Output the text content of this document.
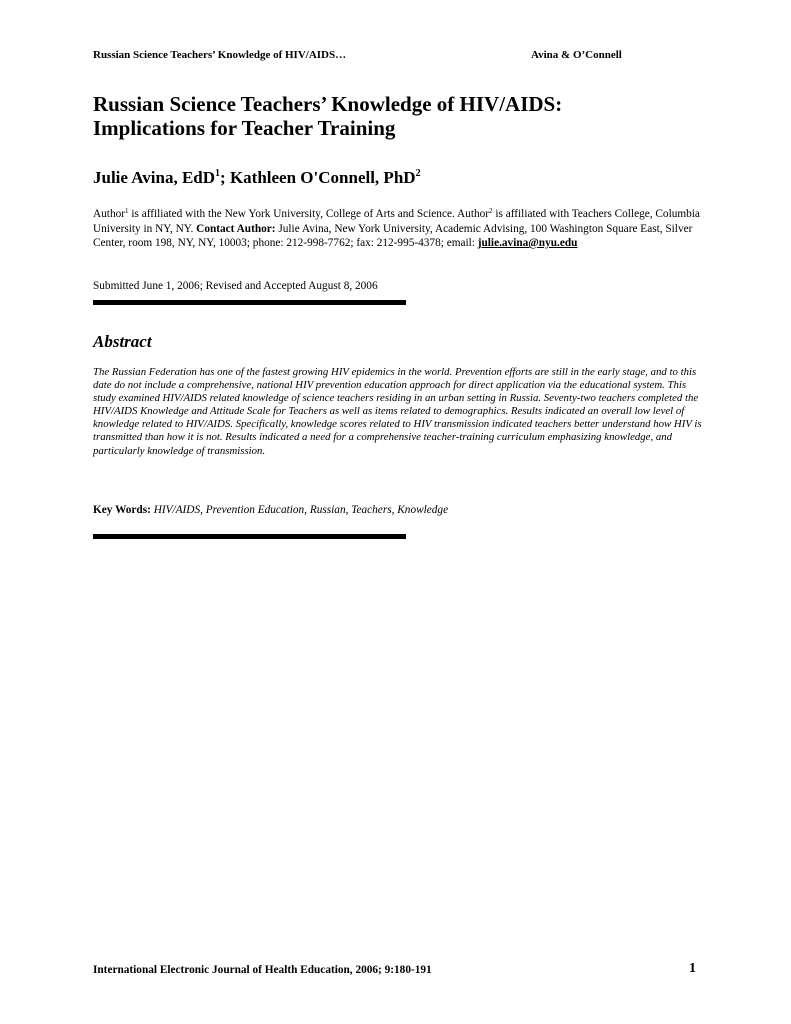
Russian Science Teachers’ Knowledge of HIV/AIDS…	Avina & O’Connell
Russian Science Teachers’ Knowledge of HIV/AIDS:
Implications for Teacher Training
Julie Avina, EdD$^1$; Kathleen O'Connell, PhD$^2$
Author$^1$ is affiliated with the New York University, College of Arts and Science. Author$^2$ is affiliated with Teachers College, Columbia University in NY, NY. Contact Author: Julie Avina, New York University, Academic Advising, 100 Washington Square East, Silver Center, room 198, NY, NY, 10003; phone: 212-998-7762; fax: 212-995-4378; email: julie.avina@nyu.edu
Submitted June 1, 2006; Revised and Accepted August 8, 2006
Abstract
The Russian Federation has one of the fastest growing HIV epidemics in the world. Prevention efforts are still in the early stage, and to this date do not include a comprehensive, national HIV prevention education approach for direct application via the educational system. This study examined HIV/AIDS related knowledge of science teachers residing in an urban setting in Russia. Seventy-two teachers completed the HIV/AIDS Knowledge and Attitude Scale for Teachers as well as items related to demographics. Results indicated an overall low level of knowledge related to HIV/AIDS. Specifically, knowledge scores related to HIV transmission indicated teachers better understand how HIV is transmitted than how it is not. Results indicated a need for a comprehensive teacher-training curriculum emphasizing knowledge, and particularly knowledge of transmission.
Key Words: HIV/AIDS, Prevention Education, Russian, Teachers, Knowledge
International Electronic Journal of Health Education, 2006; 9:180-191	1
